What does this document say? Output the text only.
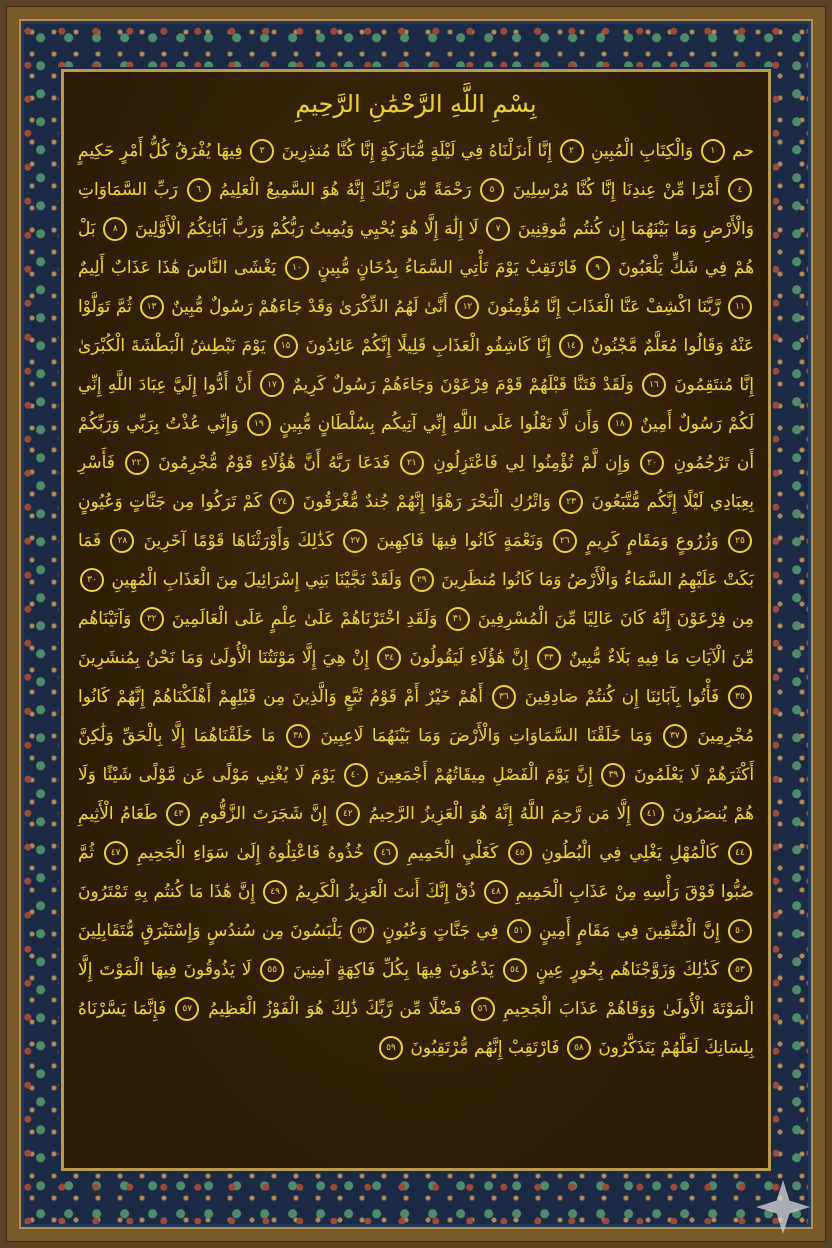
بِسْمِ اللَّهِ الرَّحْمَٰنِ الرَّحِيمِ
حم ١ وَالْكِتَابِ الْمُبِينِ ٢ إِنَّا أَنزَلْنَاهُ فِي لَيْلَةٍ مُّبَارَكَةٍ إِنَّا كُنَّا مُنذِرِينَ ٣ فِيهَا يُفْرَقُ كُلُّ أَمْرٍ حَكِيمٍ ٤ أَمْرًا مِّنْ عِندِنَا إِنَّا كُنَّا مُرْسِلِينَ ٥ رَحْمَةً مِّن رَّبِّكَ إِنَّهُ هُوَ السَّمِيعُ الْعَلِيمُ ٦ رَبِّ السَّمَاوَاتِ وَالْأَرْضِ وَمَا بَيْنَهُمَا إِن كُنتُم مُّوقِنِينَ ٧ لَا إِلَٰهَ إِلَّا هُوَ يُحْيِي وَيُمِيتُ رَبُّكُمْ وَرَبُّ آبَائِكُمُ الْأَوَّلِينَ ٨ بَلْ هُمْ فِي شَكٍّ يَلْعَبُونَ ٩ فَارْتَقِبْ يَوْمَ تَأْتِي السَّمَاءُ بِدُخَانٍ مُّبِينٍ ١٠ يَغْشَى النَّاسَ هَٰذَا عَذَابٌ أَلِيمٌ ١١ رَّبَّنَا اكْشِفْ عَنَّا الْعَذَابَ إِنَّا مُؤْمِنُونَ ١٢ أَنَّىٰ لَهُمُ الذِّكْرَىٰ وَقَدْ جَاءَهُمْ رَسُولٌ مُّبِينٌ ١٣ ثُمَّ تَوَلَّوْا عَنْهُ وَقَالُوا مُعَلَّمٌ مَّجْنُونٌ ١٤ إِنَّا كَاشِفُو الْعَذَابِ قَلِيلًا إِنَّكُمْ عَائِدُونَ ١٥ يَوْمَ نَبْطِشُ الْبَطْشَةَ الْكُبْرَىٰ إِنَّا مُنتَقِمُونَ ١٦ وَلَقَدْ فَتَنَّا قَبْلَهُمْ قَوْمَ فِرْعَوْنَ وَجَاءَهُمْ رَسُولٌ كَرِيمٌ ١٧ أَنْ أَدُّوا إِلَيَّ عِبَادَ اللَّهِ إِنِّي لَكُمْ رَسُولٌ أَمِينٌ ١٨ وَأَن لَّا تَعْلُوا عَلَى اللَّهِ إِنِّي آتِيكُم بِسُلْطَانٍ مُّبِينٍ ١٩ وَإِنِّي عُذْتُ بِرَبِّي وَرَبِّكُمْ أَن تَرْجُمُونِ ٢٠ وَإِن لَّمْ تُؤْمِنُوا لِي فَاعْتَزِلُونِ ٢١ فَدَعَا رَبَّهُ أَنَّ هَٰؤُلَاءِ قَوْمٌ مُّجْرِمُونَ ٢٢ فَأَسْرِ بِعِبَادِي لَيْلًا إِنَّكُم مُّتَّبَعُونَ ٢٣ وَاتْرُكِ الْبَحْرَ رَهْوًا إِنَّهُمْ جُندٌ مُّغْرَقُونَ ٢٤ كَمْ تَرَكُوا مِن جَنَّاتٍ وَعُيُونٍ ٢٥ وَزُرُوعٍ وَمَقَامٍ كَرِيمٍ ٢٦ وَنَعْمَةٍ كَانُوا فِيهَا فَاكِهِينَ ٢٧ كَذَٰلِكَ وَأَوْرَثْنَاهَا قَوْمًا آخَرِينَ ٢٨ فَمَا بَكَتْ عَلَيْهِمُ السَّمَاءُ وَالْأَرْضُ وَمَا كَانُوا مُنظَرِينَ ٢٩ وَلَقَدْ نَجَّيْنَا بَنِي إِسْرَائِيلَ مِنَ الْعَذَابِ الْمُهِينِ ٣٠ مِن فِرْعَوْنَ إِنَّهُ كَانَ عَالِيًا مِّنَ الْمُسْرِفِينَ ٣١ وَلَقَدِ اخْتَرْنَاهُمْ عَلَىٰ عِلْمٍ عَلَى الْعَالَمِينَ ٣٢ وَآتَيْنَاهُم مِّنَ الْآيَاتِ مَا فِيهِ بَلَاءٌ مُّبِينٌ ٣٣ إِنَّ هَٰؤُلَاءِ لَيَقُولُونَ ٣٤ إِنْ هِيَ إِلَّا مَوْتَتُنَا الْأُولَىٰ وَمَا نَحْنُ بِمُنشَرِينَ ٣٥ فَأْتُوا بِآبَائِنَا إِن كُنتُمْ صَادِقِينَ ٣٦ أَهُمْ خَيْرٌ أَمْ قَوْمُ تُبَّعٍ وَالَّذِينَ مِن قَبْلِهِمْ أَهْلَكْنَاهُمْ إِنَّهُمْ كَانُوا مُجْرِمِينَ ٣٧ وَمَا خَلَقْنَا السَّمَاوَاتِ وَالْأَرْضَ وَمَا بَيْنَهُمَا لَاعِبِينَ ٣٨ مَا خَلَقْنَاهُمَا إِلَّا بِالْحَقِّ وَلَٰكِنَّ أَكْثَرَهُمْ لَا يَعْلَمُونَ ٣٩ إِنَّ يَوْمَ الْفَصْلِ مِيقَاتُهُمْ أَجْمَعِينَ ٤٠ يَوْمَ لَا يُغْنِي مَوْلًى عَن مَّوْلًى شَيْئًا وَلَا هُمْ يُنصَرُونَ ٤١ إِلَّا مَن رَّحِمَ اللَّهُ إِنَّهُ هُوَ الْعَزِيزُ الرَّحِيمُ ٤٢ إِنَّ شَجَرَتَ الزَّقُّومِ ٤٣ طَعَامُ الْأَثِيمِ ٤٤ كَالْمُهْلِ يَغْلِي فِي الْبُطُونِ ٤٥ كَغَلْيِ الْحَمِيمِ ٤٦ خُذُوهُ فَاعْتِلُوهُ إِلَىٰ سَوَاءِ الْجَحِيمِ ٤٧ ثُمَّ صُبُّوا فَوْقَ رَأْسِهِ مِنْ عَذَابِ الْحَمِيمِ ٤٨ ذُقْ إِنَّكَ أَنتَ الْعَزِيزُ الْكَرِيمُ ٤٩ إِنَّ هَٰذَا مَا كُنتُم بِهِ تَمْتَرُونَ ٥٠ إِنَّ الْمُتَّقِينَ فِي مَقَامٍ أَمِينٍ ٥١ فِي جَنَّاتٍ وَعُيُونٍ ٥٢ يَلْبَسُونَ مِن سُندُسٍ وَإِسْتَبْرَقٍ مُّتَقَابِلِينَ ٥٣ كَذَٰلِكَ وَزَوَّجْنَاهُم بِحُورٍ عِينٍ ٥٤ يَدْعُونَ فِيهَا بِكُلِّ فَاكِهَةٍ آمِنِينَ ٥٥ لَا يَذُوقُونَ فِيهَا الْمَوْتَ إِلَّا الْمَوْتَةَ الْأُولَىٰ وَوَقَاهُمْ عَذَابَ الْجَحِيمِ ٥٦ فَضْلًا مِّن رَّبِّكَ ذَٰلِكَ هُوَ الْفَوْزُ الْعَظِيمُ ٥٧ فَإِنَّمَا يَسَّرْنَاهُ بِلِسَانِكَ لَعَلَّهُمْ يَتَذَكَّرُونَ ٥٨ فَارْتَقِبْ إِنَّهُم مُّرْتَقِبُونَ ٥٩
